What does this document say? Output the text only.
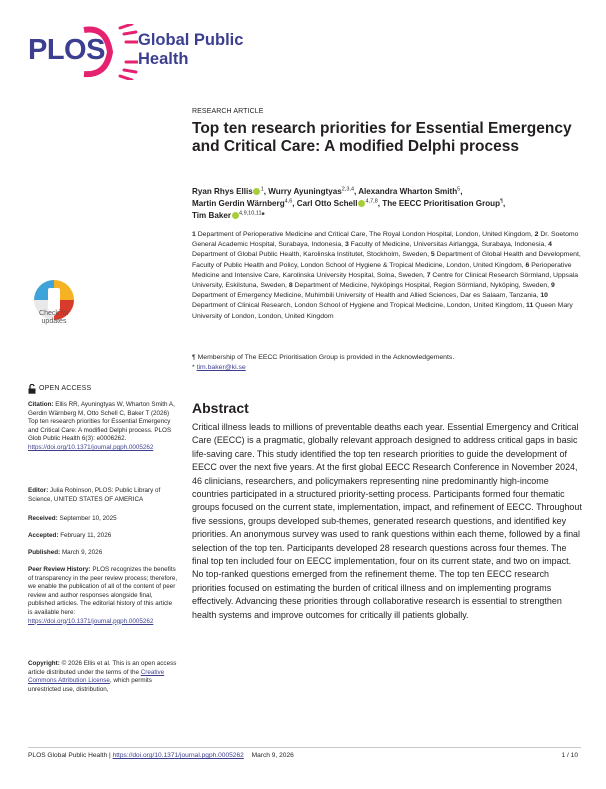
PLOS Global Public
Health
RESEARCH ARTICLE
Top ten research priorities for Essential Emergency and Critical Care: A modified Delphi process
Ryan Rhys Ellis $^1$, Wurry Ayuningtyas$^{2,3,4}$, Alexandra Wharton Smith$^5$,
Martin Gerdin Wärnberg$^{4,6}$, Carl Otto Schell $^{4,7,8}$, The EECC Prioritisation Group¶,
Tim Baker $^{4,9,10,11}$*
1 Department of Perioperative Medicine and Critical Care, The Royal London Hospital, London, United Kingdom, 2 Dr. Soetomo General Academic Hospital, Surabaya, Indonesia, 3 Faculty of Medicine, Universitas Airlangga, Surabaya, Indonesia, 4 Department of Global Public Health, Karolinska Institutet, Stockholm, Sweden, 5 Department of Global Health and Development, Faculty of Public Health and Policy, London School of Hygiene & Tropical Medicine, London, United Kingdom, 6 Perioperative Medicine and Intensive Care, Karolinska University Hospital, Solna, Sweden, 7 Centre for Clinical Research Sörmland, Uppsala University, Eskilstuna, Sweden, 8 Department of Medicine, Nyköpings Hospital, Region Sörmland, Nyköping, Sweden, 9 Department of Emergency Medicine, Muhimbili University of Health and Allied Sciences, Dar es Salaam, Tanzania, 10 Department of Clinical Research, London School of Hygiene and Tropical Medicine, London, United Kingdom, 11 Queen Mary University of London, London, United Kingdom
¶ Membership of The EECC Prioritisation Group is provided in the Acknowledgements.
* tim.baker@ki.se
Abstract

Critical illness leads to millions of preventable deaths each year. Essential Emergency and Critical Care (EECC) is a pragmatic, globally relevant approach designed to address critical gaps in basic life-saving care. This study identified the top ten research priorities to guide the development of EECC over the next five years. At the first global EECC Research Conference in November 2024, 46 clinicians, researchers, and policymakers representing nine predominantly high-income countries participated in a structured priority-setting process. Participants formed four thematic groups focused on the current state, implementation, impact, and refinement of EECC. Throughout five sessions, groups developed sub-themes, generated research questions, and identified key priorities. An anonymous survey was used to rank questions within each theme, followed by a final selection of the top ten. Participants developed 28 research questions across four themes. The final top ten included four on EECC implementation, four on its current state, and two on impact. No top-ranked questions emerged from the refinement theme. The top ten EECC research priorities focused on estimating the burden of critical illness and on implementing programs effectively. Advancing these priorities through collaborative research is essential to strengthen health systems and improve outcomes for critically ill patients globally.

Check for
updates
OPEN ACCESS
Citation: Ellis RR, Ayuningtyas W, Wharton Smith A, Gerdin Wärnberg M, Otto Schell C, Baker T (2026) Top ten research priorities for Essential Emergency and Critical Care: A modified Delphi process. PLOS Glob Public Health 6(3): e0006262. https://doi.org/10.1371/journal.pgph.0005262
Editor: Julia Robinson, PLOS: Public Library of Science, UNITED STATES OF AMERICA
Received: September 10, 2025
Accepted: February 11, 2026
Published: March 9, 2026
Peer Review History: PLOS recognizes the benefits of transparency in the peer review process; therefore, we enable the publication of all of the content of peer review and author responses alongside final, published articles. The editorial history of this article is available here: https://doi.org/10.1371/journal.pgph.0005262
Copyright: © 2026 Ellis et al. This is an open access article distributed under the terms of the Creative Commons Attribution License, which permits unrestricted use, distribution,
PLOS Global Public Health | https://doi.org/10.1371/journal.pgph.0005262 March 9, 2026	1 / 10
